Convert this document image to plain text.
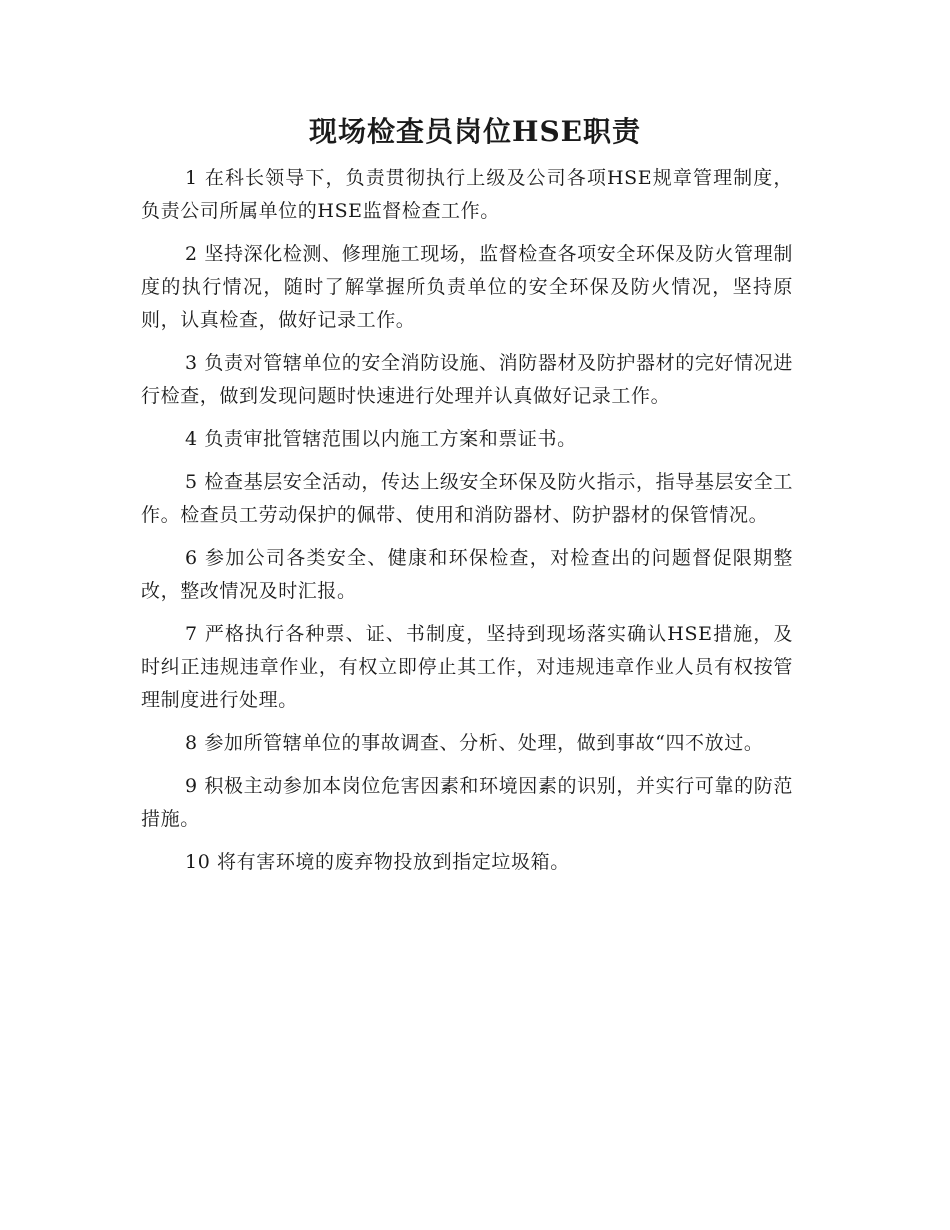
现场检查员岗位HSE职责

1 在科长领导下，负责贯彻执行上级及公司各项HSE规章管理制度，负责公司所属单位的HSE监督检查工作。

2 坚持深化检测、修理施工现场，监督检查各项安全环保及防火管理制度的执行情况，随时了解掌握所负责单位的安全环保及防火情况，坚持原则，认真检查，做好记录工作。

3 负责对管辖单位的安全消防设施、消防器材及防护器材的完好情况进行检查，做到发现问题时快速进行处理并认真做好记录工作。

4 负责审批管辖范围以内施工方案和票证书。

5 检查基层安全活动，传达上级安全环保及防火指示，指导基层安全工作。检查员工劳动保护的佩带、使用和消防器材、防护器材的保管情况。

6 参加公司各类安全、健康和环保检查，对检查出的问题督促限期整改，整改情况及时汇报。

7 严格执行各种票、证、书制度，坚持到现场落实确认HSE措施，及时纠正违规违章作业，有权立即停止其工作，对违规违章作业人员有权按管理制度进行处理。

8 参加所管辖单位的事故调查、分析、处理，做到事故“四不放过。

9 积极主动参加本岗位危害因素和环境因素的识别，并实行可靠的防范措施。

10 将有害环境的废弃物投放到指定垃圾箱。
